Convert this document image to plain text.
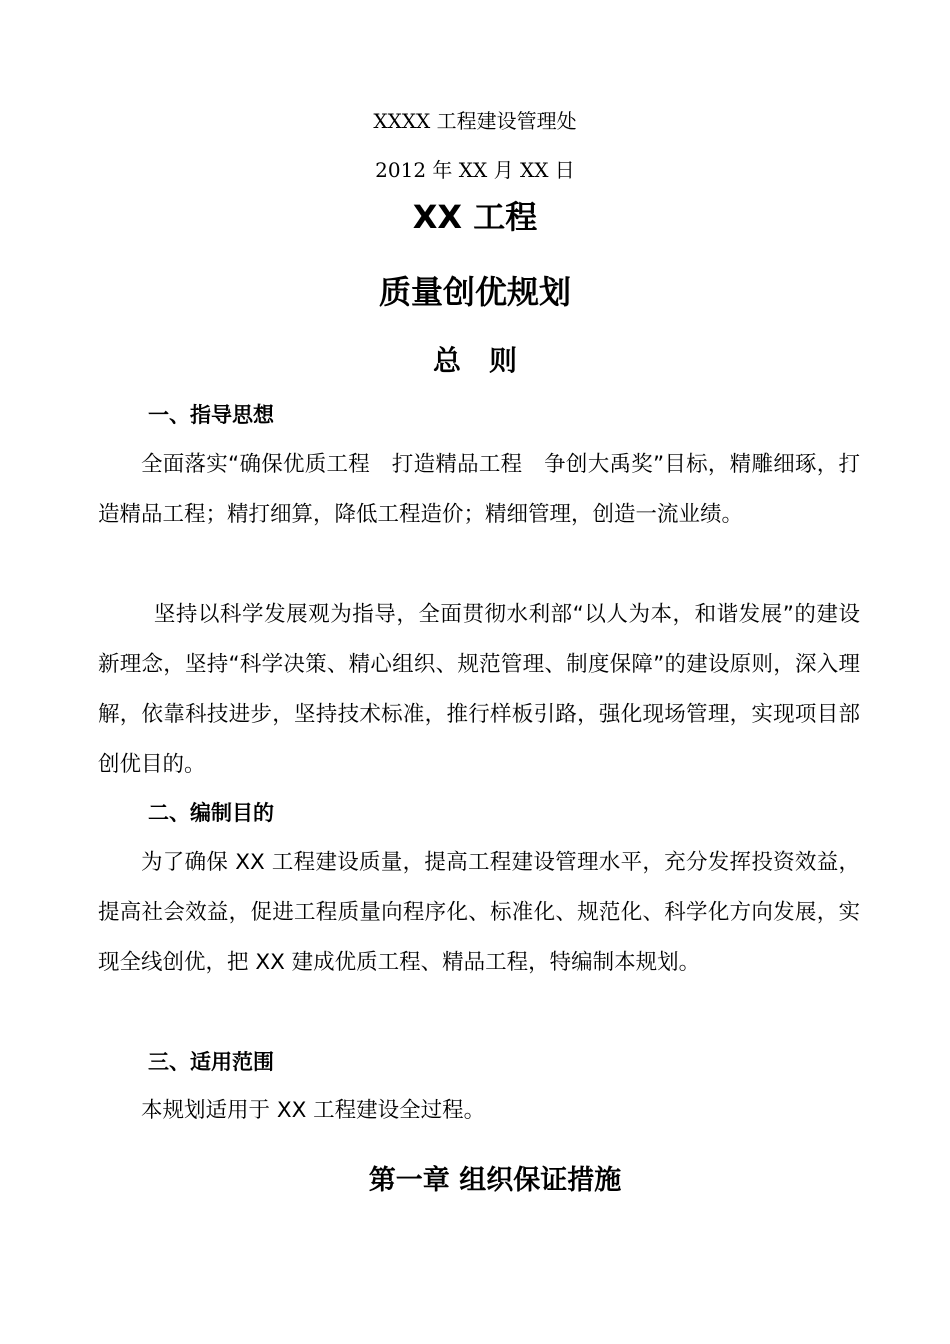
XXXX 工程建设管理处
2012 年 XX 月 XX 日
XX 工程
质量创优规划
总　则
一、指导思想

全面落实“确保优质工程　打造精品工程　争创大禹奖”目标，精雕细琢，打造精品工程；精打细算，降低工程造价；精细管理，创造一流业绩。

坚持以科学发展观为指导，全面贯彻水利部“以人为本，和谐发展”的建设新理念，坚持“科学决策、精心组织、规范管理、制度保障”的建设原则，深入理解，依靠科技进步，坚持技术标准，推行样板引路，强化现场管理，实现项目部创优目的。

二、编制目的

为了确保 XX 工程建设质量，提高工程建设管理水平，充分发挥投资效益，提高社会效益，促进工程质量向程序化、标准化、规范化、科学化方向发展，实现全线创优，把 XX 建成优质工程、精品工程，特编制本规划。

三、适用范围

本规划适用于 XX 工程建设全过程。

第一章 组织保证措施
